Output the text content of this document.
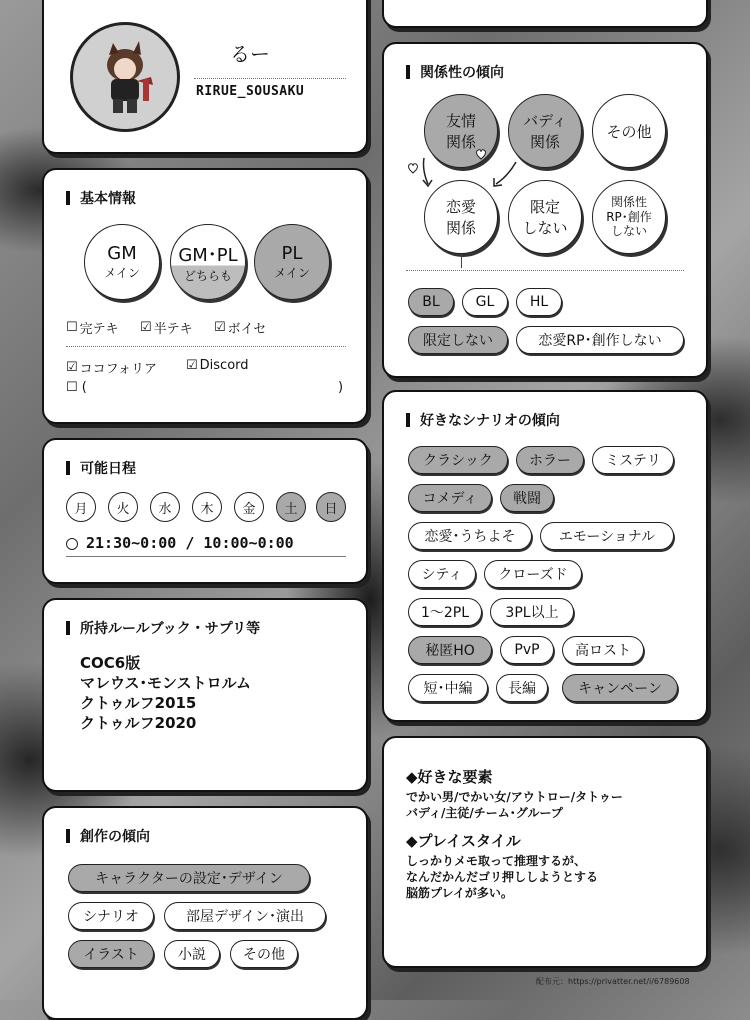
るー
RIRUE_SOUSAKU
基本情報
GM
メイン
GM･PL
どちらも
PL
メイン
☐ 完テキ ☑ 半テキ ☑ ボイセ
☑ ココフォリア ☑ Discord
☐ (	)
可能日程
月	火	水	木	金	土	日
21:30~0:00 / 10:00~0:00
所持ルールブック・サプリ等
COC6版
マレウス･モンストロルム
クトゥルフ2015
クトゥルフ2020
創作の傾向
キャラクターの設定･デザイン
シナリオ	部屋デザイン･演出
イラスト	小説	その他
関係性の傾向
友情
関係
バディ
関係
その他
恋愛
関係
限定
しない
関係性
RP･創作
しない
BL	GL	HL
限定しない	恋愛RP･創作しない
好きなシナリオの傾向
クラシック	ホラー	ミステリ
コメディ	戦闘
恋愛･うちよそ	エモーショナル
シティ	クローズド
1〜2PL	3PL以上
秘匿HO	PvP	高ロスト
短･中編	長編	キャンペーン
◆好きな要素
でかい男/でかい女/アウトロー/タトゥー
バディ/主従/チーム･グループ
◆プレイスタイル
しっかりメモ取って推理するが、
なんだかんだゴリ押ししようとする
脳筋プレイが多い。
配布元：https://privatter.net/i/6789608
